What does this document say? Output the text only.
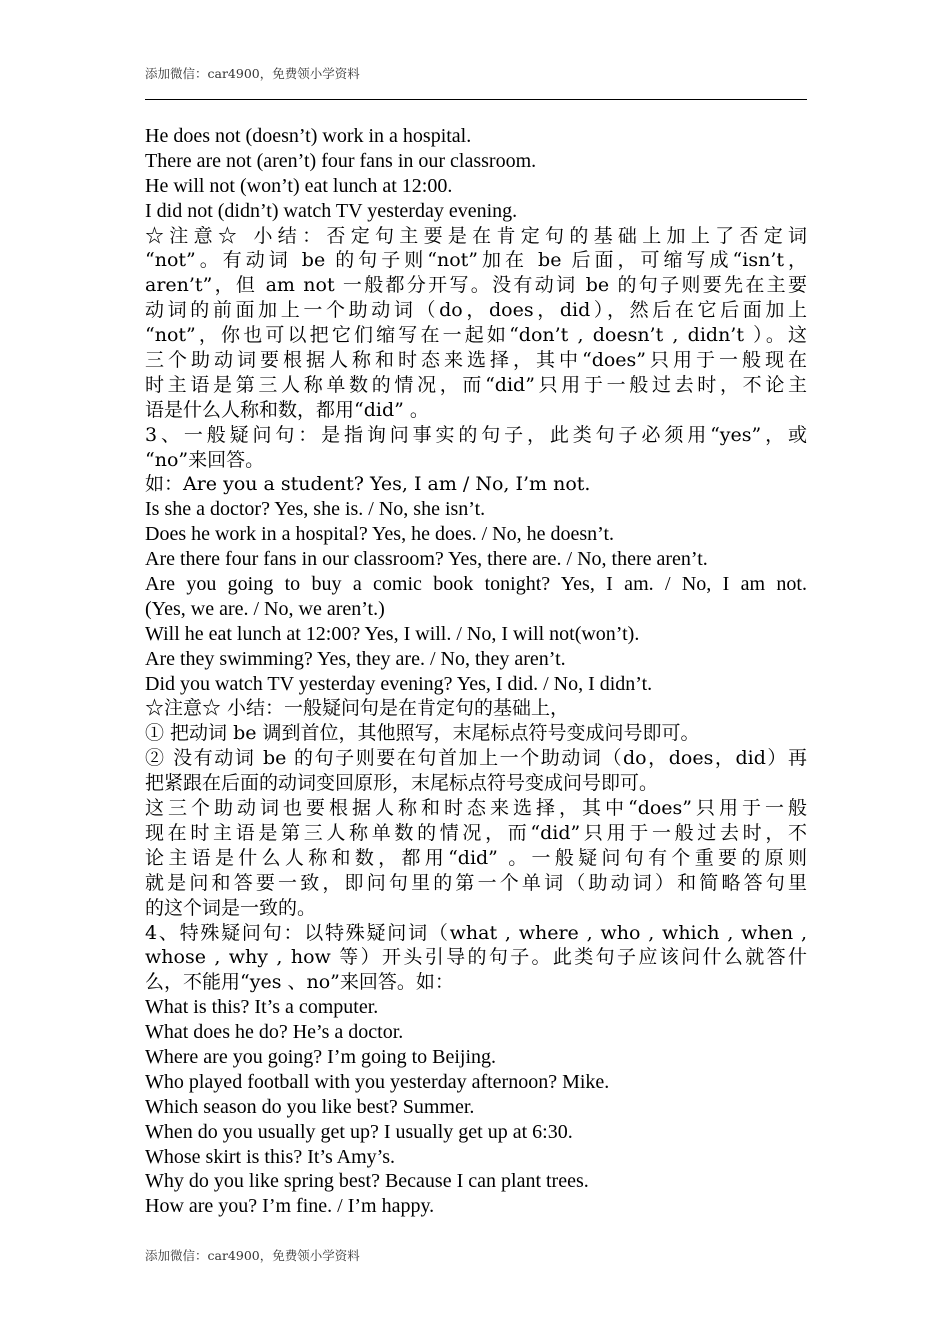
添加微信：car4900，免费领小学资料
He does not (doesn’t) work in a hospital.
There are not (aren’t) four fans in our classroom.
He will not (won’t) eat lunch at 12:00.
I did not (didn’t) watch TV yesterday evening.
☆注意☆ 小结：否定句主要是在肯定句的基础上加上了否定词
“not”。有动词 be 的句子则“not”加在 be 后面，可缩写成“isn’t，
aren’t”，但 am not 一般都分开写。没有动词 be 的句子则要先在主要
动词的前面加上一个助动词（do，does，did），然后在它后面加上
“not”，你也可以把它们缩写在一起如“don’t , doesn’t , didn’t ）。这
三个助动词要根据人称和时态来选择，其中“does”只用于一般现在
时主语是第三人称单数的情况，而“did”只用于一般过去时，不论主
语是什么人称和数，都用“did” 。
3、一般疑问句：是指询问事实的句子，此类句子必须用“yes”，或
“no”来回答。
如：Are you a student? Yes, I am / No, I’m not.
Is she a doctor? Yes, she is. / No, she isn’t.
Does he work in a hospital? Yes, he does. / No, he doesn’t.
Are there four fans in our classroom? Yes, there are. / No, there aren’t.
Are you going to buy a comic book tonight? Yes, I am. / No, I am not.
(Yes, we are. / No, we aren’t.)
Will he eat lunch at 12:00? Yes, I will. / No, I will not(won’t).
Are they swimming? Yes, they are. / No, they aren’t.
Did you watch TV yesterday evening? Yes, I did. / No, I didn’t.
☆注意☆ 小结：一般疑问句是在肯定句的基础上，
① 把动词 be 调到首位，其他照写，末尾标点符号变成问号即可。
② 没有动词 be 的句子则要在句首加上一个助动词（do，does，did）再
把紧跟在后面的动词变回原形，末尾标点符号变成问号即可。
这三个助动词也要根据人称和时态来选择，其中“does”只用于一般
现在时主语是第三人称单数的情况，而“did”只用于一般过去时，不
论主语是什么人称和数，都用“did” 。一般疑问句有个重要的原则
就是问和答要一致，即问句里的第一个单词（助动词）和简略答句里
的这个词是一致的。
4、特殊疑问句：以特殊疑问词（what , where , who , which , when ,
whose , why , how 等）开头引导的句子。此类句子应该问什么就答什
么，不能用“yes 、no”来回答。如：
What is this? It’s a computer.
What does he do? He’s a doctor.
Where are you going? I’m going to Beijing.
Who played football with you yesterday afternoon? Mike.
Which season do you like best? Summer.
When do you usually get up? I usually get up at 6:30.
Whose skirt is this? It’s Amy’s.
Why do you like spring best? Because I can plant trees.
How are you? I’m fine. / I’m happy.
添加微信：car4900，免费领小学资料
